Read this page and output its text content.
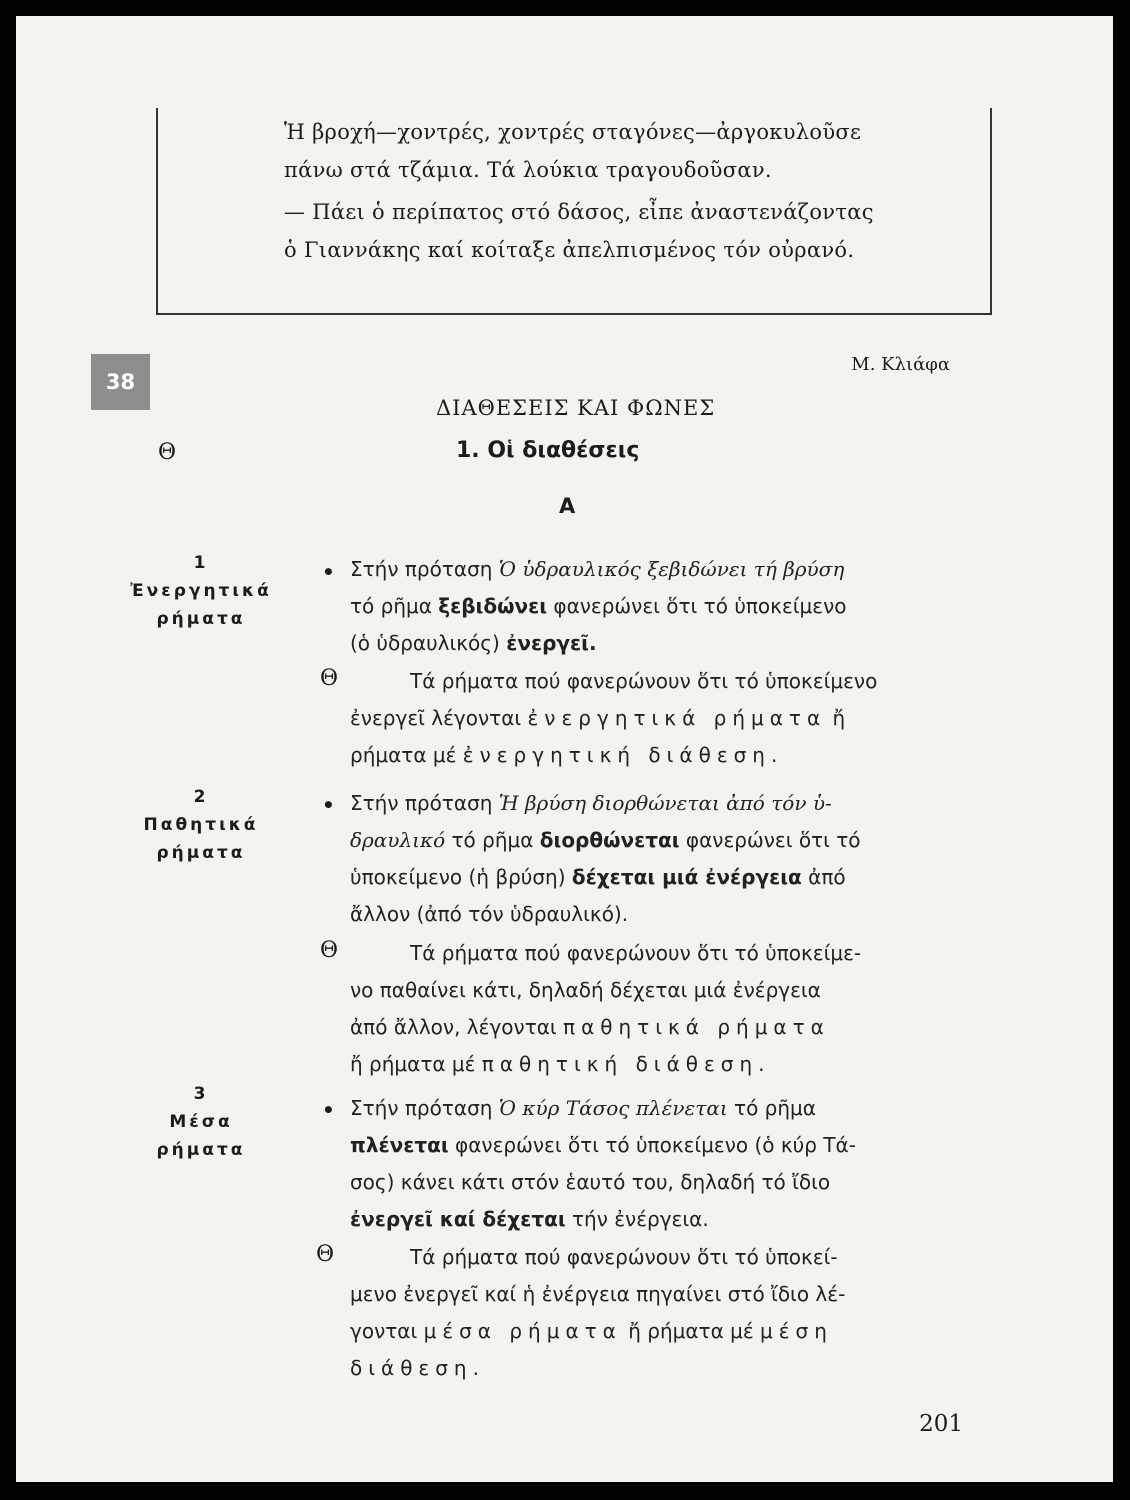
Ἡ βροχή—χοντρές, χοντρές σταγόνες—ἀργοκυλοῦσε
πάνω στά τζάμια. Τά λούκια τραγουδοῦσαν.
— Πάει ὁ περίπατος στό δάσος, εἶπε ἀναστενάζοντας
ὁ Γιαννάκης καί κοίταξε ἀπελπισμένος τόν οὐρανό.
Μ. Κλιάφα
38
ΔΙΑΘΕΣΕΙΣ ΚΑΙ ΦΩΝΕΣ
Θ	1. Οἱ διαθέσεις
Α
1
Ἐνεργητικά
ρήματα
• Στήν πρόταση Ὁ ὑδραυλικός ξεβιδώνει τή βρύση
τό ρῆμα ξεβιδώνει φανερώνει ὅτι τό ὑποκείμενο
(ὁ ὑδραυλικός) ἐνεργεῖ.
Θ	Τά ρήματα πού φανερώνουν ὅτι τό ὑποκείμενο
ἐνεργεῖ λέγονται ἐνεργητικά ρήματα ἤ
ρήματα μέ ἐνεργητική διάθεση.
2
Παθητικά
ρήματα
• Στήν πρόταση Ἡ βρύση διορθώνεται ἀπό τόν ὑ-
δραυλικό τό ρῆμα διορθώνεται φανερώνει ὅτι τό
ὑποκείμενο (ἡ βρύση) δέχεται μιά ἐνέργεια ἀπό
ἄλλον (ἀπό τόν ὑδραυλικό).
Θ	Τά ρήματα πού φανερώνουν ὅτι τό ὑποκείμε-
νο παθαίνει κάτι, δηλαδή δέχεται μιά ἐνέργεια
ἀπό ἄλλον, λέγονται παθητικά ρήματα
ἤ ρήματα μέ παθητική διάθεση.
3
Μέσα
ρήματα
• Στήν πρόταση Ὁ κύρ Τάσος πλένεται τό ρῆμα
πλένεται φανερώνει ὅτι τό ὑποκείμενο (ὁ κύρ Τά-
σος) κάνει κάτι στόν ἑαυτό του, δηλαδή τό ἴδιο
ἐνεργεῖ καί δέχεται τήν ἐνέργεια.
Θ	Τά ρήματα πού φανερώνουν ὅτι τό ὑποκεί-
μενο ἐνεργεῖ καί ἡ ἐνέργεια πηγαίνει στό ἴδιο λέ-
γονται μέσα ρήματα ἤ ρήματα μέ μέση
διάθεση.
201
